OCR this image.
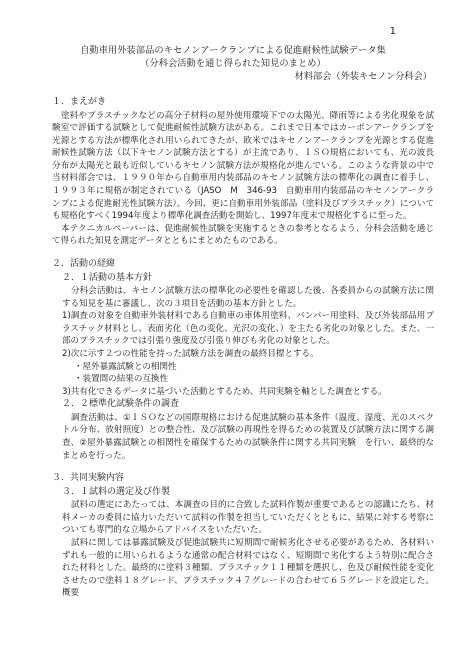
1
自動車用外装部品のキセノンアークランプによる促進耐候性試験データ集
（分科会活動を通じ得られた知見のまとめ）
材料部会（外装キセノン分科会）
１．まえがき
塗料やプラスチックなどの高分子材料の屋外使用環境下での太陽光、降雨等による劣化現象を試験室で評価する試験として促進耐候性試験方法がある。これまで日本ではカーボンアークランプを光源とする方法が標準化され用いられてきたが、欧米ではキセノンアークランプを光源とする促進耐候性試験方法（以下キセノン試験方法とする）が主流であり、ＩＳＯ規格においても、光の波長分布が太陽光と最も近似しているキセノン試験方法が規格化が進んでいる。このような背景の中で当材料部会では、１９９０年から自動車用内装部品のキセノン試験方法の標準化の調査に着手し、１９９３年に規格が制定されている（JASO　M　346-93　自動車用内装部品のキセノンアークランプによる促進耐光性試験方法）。今回、更に自動車用外装部品（塗料及びプラスチック）についても規格化すべく1994年度より標準化調査活動を開始し、1997年度末で規格化するに至った。
本テクニカルペーパーは、促進耐候性試験を実施するときの参考となるよう、分科会活動を通じて得られた知見を測定データとともにまとめたものである。
２．活動の経緯
２．１活動の基本方針
分科会活動は、キセノン試験方法の標準化の必要性を確認した後、各委員からの試験方法に関する知見を基に審議し、次の３項目を活動の基本方針とした。
1)調査の対象を自動車外装材料である自動車の車体用塗料、バンパー用塗料、及び外装部品用プラスチック材料とし、表面劣化（色の変化、光沢の変化、）を主たる劣化の対象とした。また、一部のプラスチックでは引張り強度及び引張り伸びも劣化の対象とした。
2)次に示す２つの性能を持った試験方法を調査の最終目標とする。
・屋外暴露試験との相関性
・装置間の結果の互換性
3)共有化できるデータに基づいた活動とするため、共同実験を軸とした調査とする。
２．２標準化試験条件の調査
調査活動は、①ＩＳＯなどの国際規格における促進試験の基本条件（温度、湿度、光のスペクトル分布、放射照度）との整合性、及び試験の再現性を得るための装置及び試験方法に関する調査、②屋外暴露試験との相関性を確保するための試験条件に関する共同実験　を行い、最終的なまとめを行った。
３．共同実験内容
３．１試料の選定及び作製
試料の選定にあたっては、本調査の目的に合致した試料作製が重要であるとの認識にたち、材料メーカの委員に協力いただいて試料の作製を担当していただくとともに、結果に対する考察についても専門的な立場からアドバイスをいただいた。
試料に関しては暴露試験及び促進試験共に短期間で耐候劣化させる必要があるため、各材料いずれも一般的に用いられるような通常の配合材料ではなく、短期間で劣化するよう特別に配合された材料とした。最終的に塗料３種類、プラスチック１１種類を選択し、色及び耐候性能を変化させたので塗料１８グレード、プラスチック４７グレードの合わせて６５グレードを設定した。概要
